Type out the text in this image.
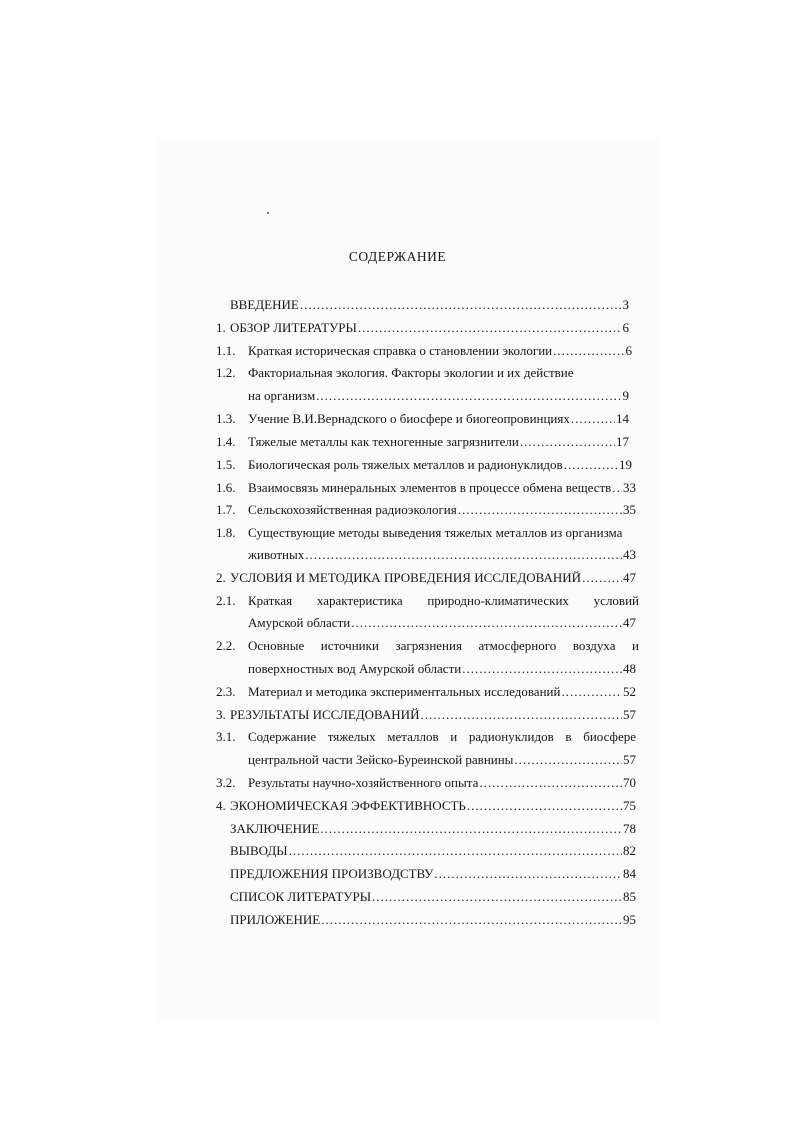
СОДЕРЖАНИЕ
ВВЕДЕНИЕ .....	3
1. ОБЗОР ЛИТЕРАТУРЫ .....	6
1.1. Краткая историческая справка о становлении экологии .....	6
1.2. Факториальная экология. Факторы экологии и их действие
на организм .....	9
1.3. Учение В.И.Вернадского о биосфере и биогеопровинциях .....	14
1.4. Тяжелые металлы как техногенные загрязнители .....	17
1.5. Биологическая роль тяжелых металлов и радионуклидов .....	19
1.6. Взаимосвязь минеральных элементов в процессе обмена веществ ..... 33
1.7. Сельскохозяйственная радиоэкология .....	35
1.8. Существующие методы выведения тяжелых металлов из организма
животных .....	43
2. УСЛОВИЯ И МЕТОДИКА ПРОВЕДЕНИЯ ИССЛЕДОВАНИЙ .....	47
2.1. Краткая характеристика природно-климатических условий
Амурской области .....	47
2.2. Основные источники загрязнения атмосферного воздуха и
поверхностных вод Амурской области .....	48
2.3. Материал и методика экспериментальных исследований .....	52
3. РЕЗУЛЬТАТЫ ИССЛЕДОВАНИЙ .....	57
3.1. Содержание тяжелых металлов и радионуклидов в биосфере
центральной части Зейско-Буреинской равнины .....	57
3.2. Результаты научно-хозяйственного опыта .....	70
4. ЭКОНОМИЧЕСКАЯ ЭФФЕКТИВНОСТЬ .....	75
ЗАКЛЮЧЕНИЕ .....	78
ВЫВОДЫ .....	82
ПРЕДЛОЖЕНИЯ ПРОИЗВОДСТВУ .....	84
СПИСОК ЛИТЕРАТУРЫ .....	85
ПРИЛОЖЕНИЕ .....	95
